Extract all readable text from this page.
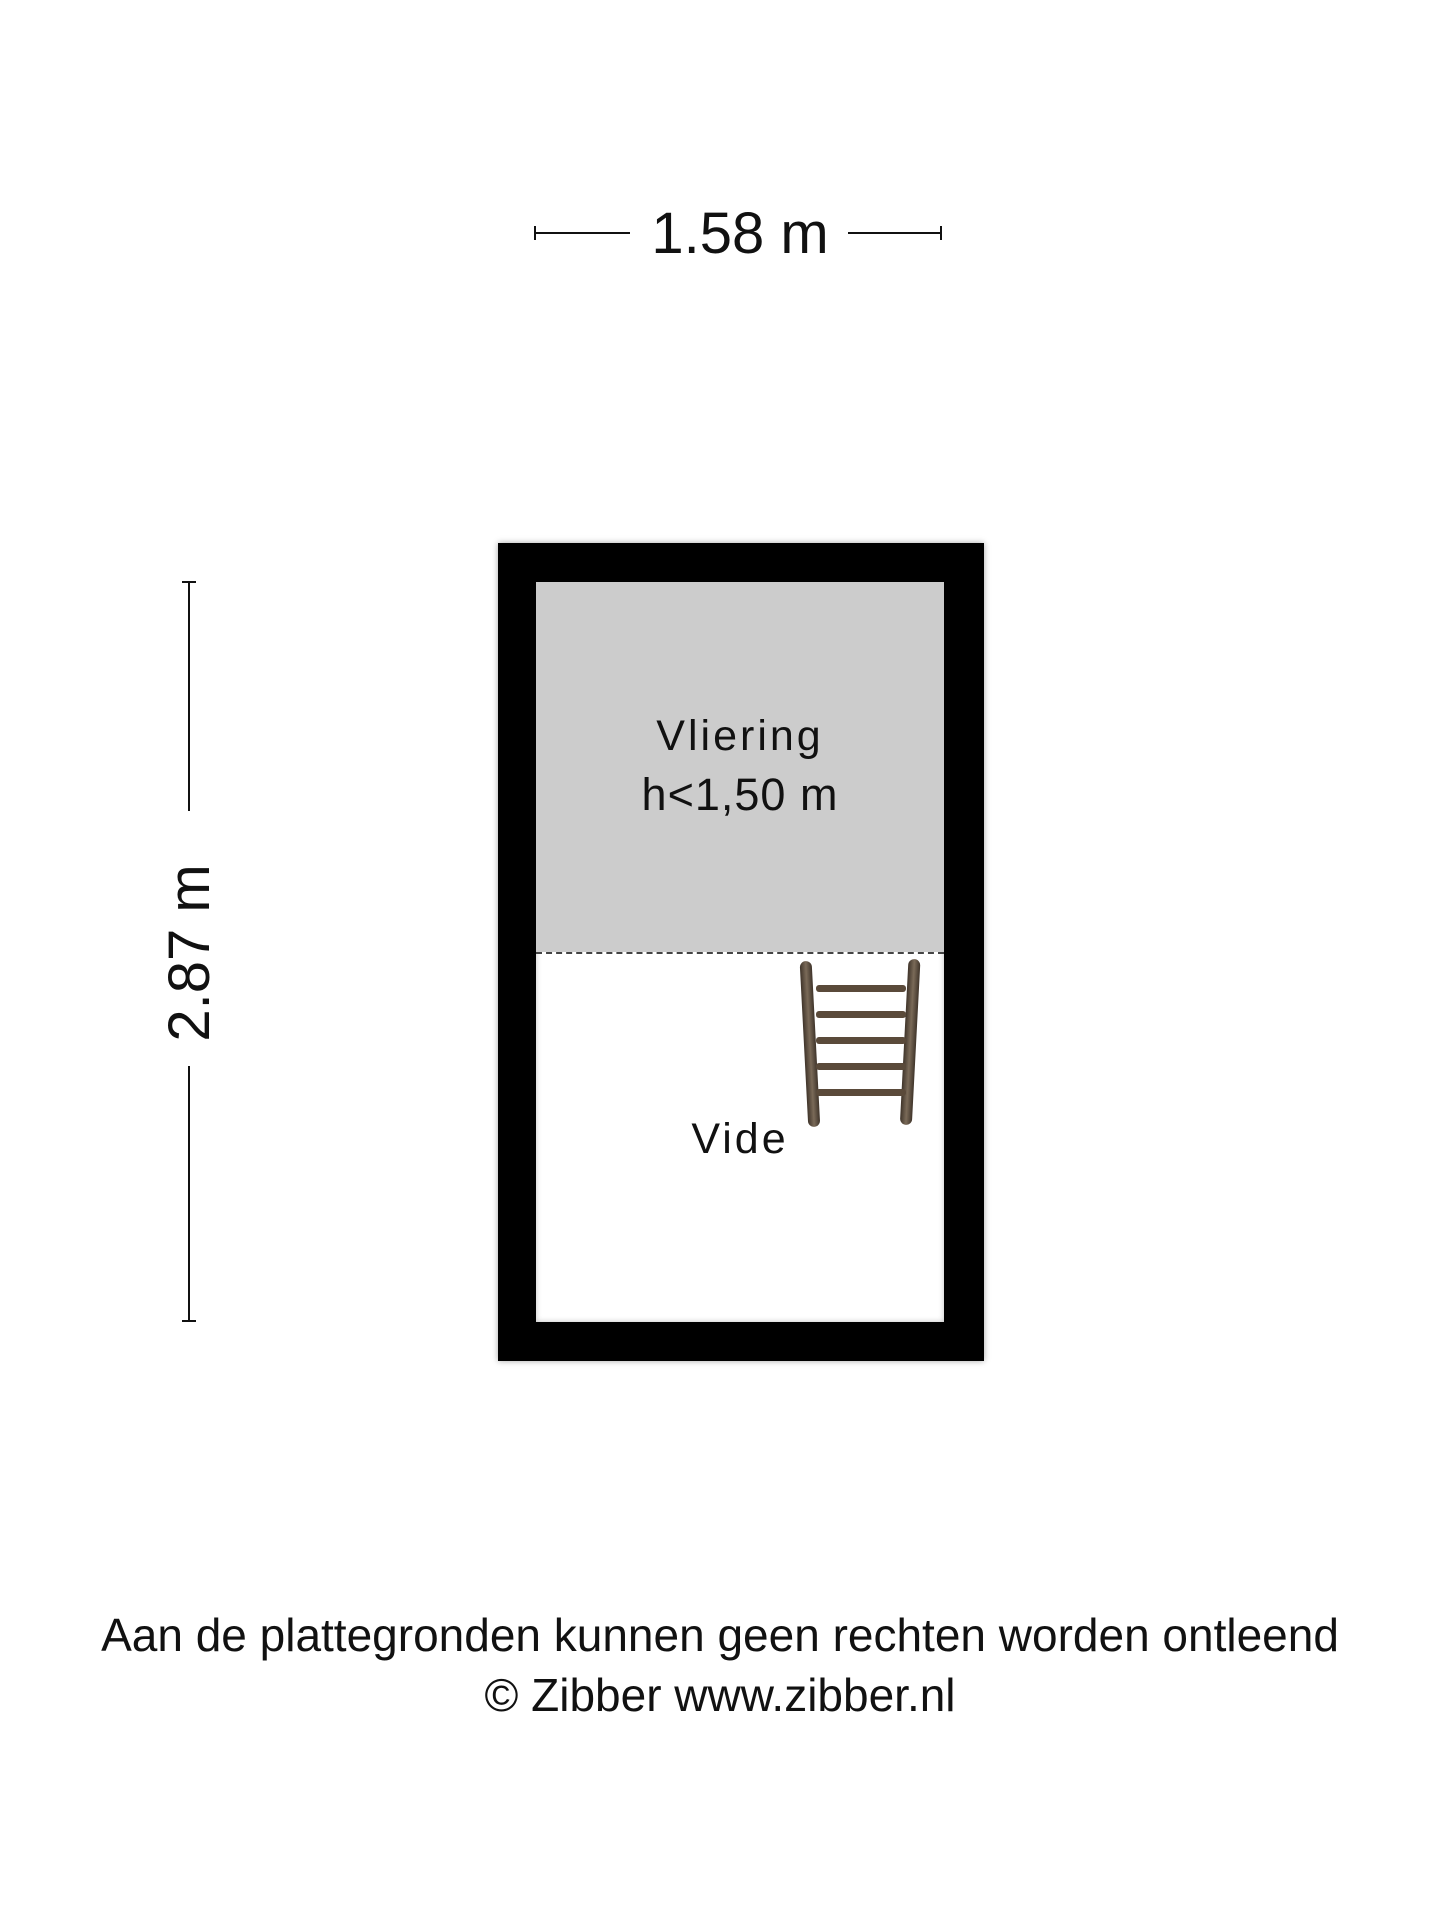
1.58 m
2.87 m
Vliering
h<1,50 m
Vide
Aan de plattegronden kunnen geen rechten worden ontleend
© Zibber www.zibber.nl
